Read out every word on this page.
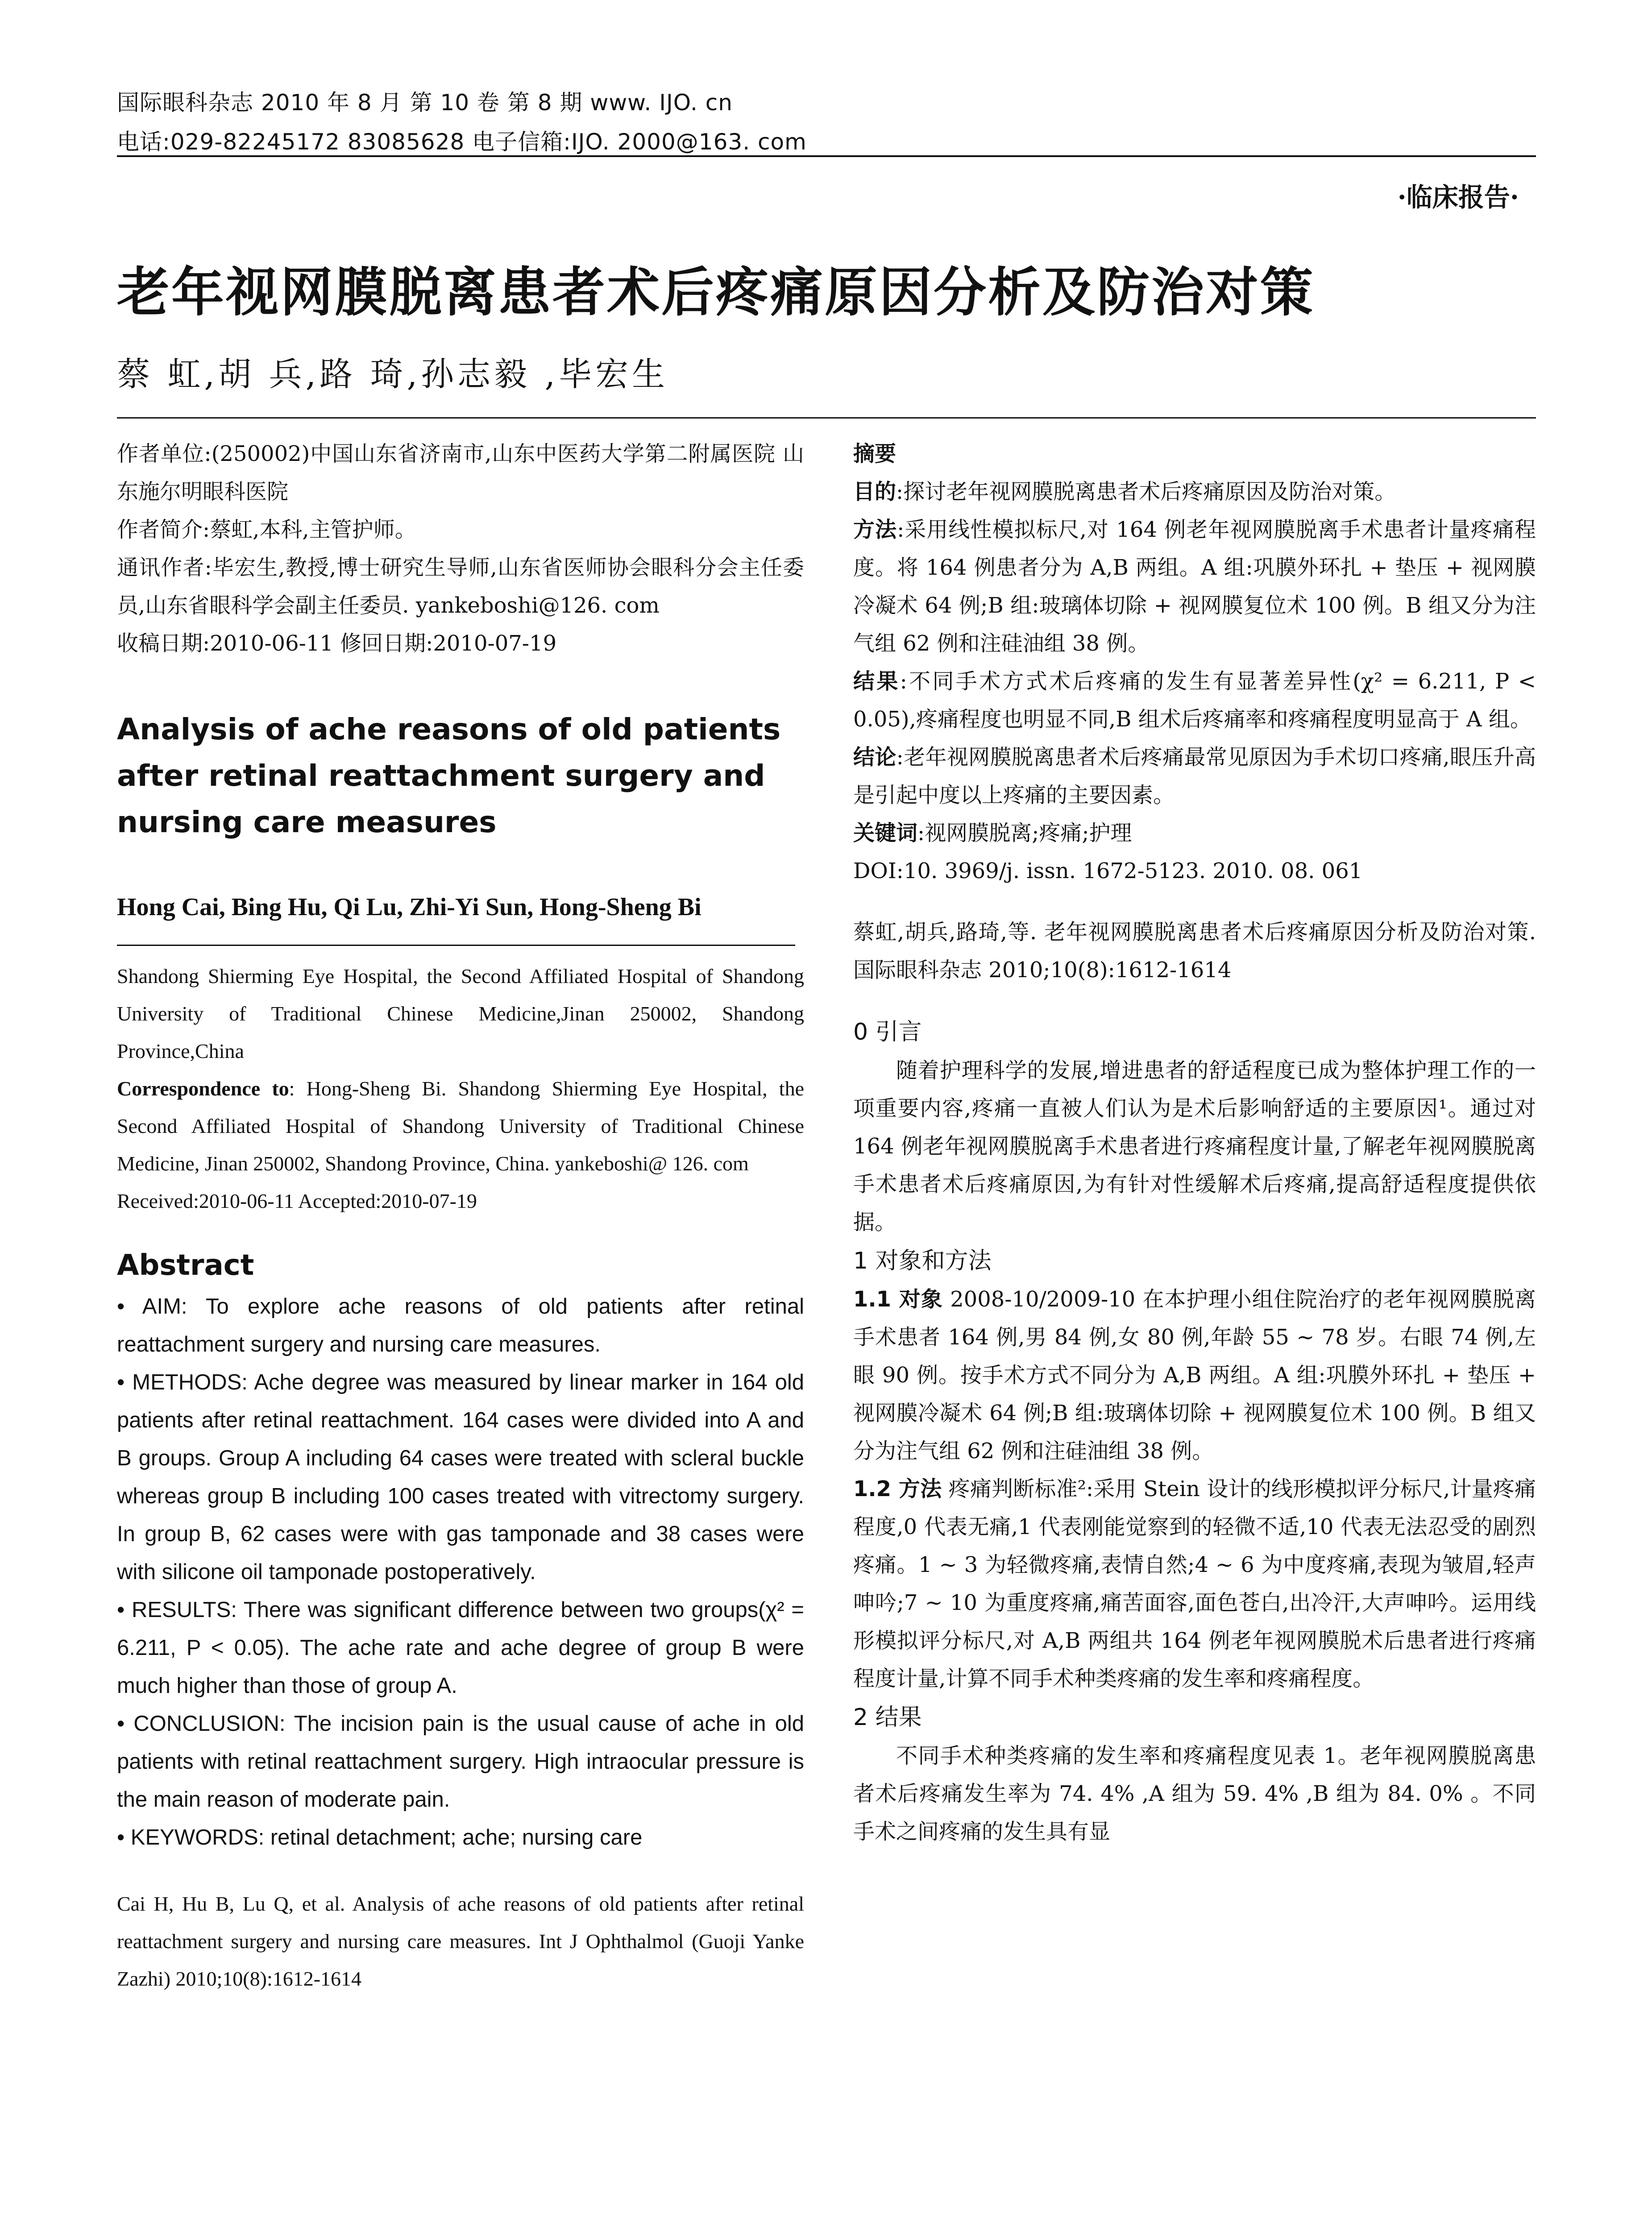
国际眼科杂志 2010 年 8 月 第 10 卷 第 8 期 www. IJO. cn
电话:029-82245172 83085628 电子信箱:IJO. 2000@163. com
·临床报告·
老年视网膜脱离患者术后疼痛原因分析及防治对策
蔡 虹,胡 兵,路 琦,孙志毅 ,毕宏生

作者单位:(250002)中国山东省济南市,山东中医药大学第二附属医院 山东施尔明眼科医院

作者简介:蔡虹,本科,主管护师。

通讯作者:毕宏生,教授,博士研究生导师,山东省医师协会眼科分会主任委员,山东省眼科学会副主任委员. yankeboshi@126. com

收稿日期:2010-06-11 修回日期:2010-07-19

Analysis of ache reasons of old patients after retinal reattachment surgery and nursing care measures

Hong Cai, Bing Hu, Qi Lu, Zhi-Yi Sun, Hong-Sheng Bi

Shandong Shierming Eye Hospital, the Second Affiliated Hospital of Shandong University of Traditional Chinese Medicine,Jinan 250002, Shandong Province,China

Correspondence to: Hong-Sheng Bi. Shandong Shierming Eye Hospital, the Second Affiliated Hospital of Shandong University of Traditional Chinese Medicine, Jinan 250002, Shandong Province, China. yankeboshi@ 126. com

Received:2010-06-11 Accepted:2010-07-19

Abstract

• AIM: To explore ache reasons of old patients after retinal reattachment surgery and nursing care measures.

• METHODS: Ache degree was measured by linear marker in 164 old patients after retinal reattachment. 164 cases were divided into A and B groups. Group A including 64 cases were treated with scleral buckle whereas group B including 100 cases treated with vitrectomy surgery. In group B, 62 cases were with gas tamponade and 38 cases were with silicone oil tamponade postoperatively.

• RESULTS: There was significant difference between two groups(χ² = 6.211, P < 0.05). The ache rate and ache degree of group B were much higher than those of group A.

• CONCLUSION: The incision pain is the usual cause of ache in old patients with retinal reattachment surgery. High intraocular pressure is the main reason of moderate pain.

• KEYWORDS: retinal detachment; ache; nursing care

Cai H, Hu B, Lu Q, et al. Analysis of ache reasons of old patients after retinal reattachment surgery and nursing care measures. Int J Ophthalmol (Guoji Yanke Zazhi) 2010;10(8):1612-1614

摘要

目的:探讨老年视网膜脱离患者术后疼痛原因及防治对策。

方法:采用线性模拟标尺,对 164 例老年视网膜脱离手术患者计量疼痛程度。将 164 例患者分为 A,B 两组。A 组:巩膜外环扎 + 垫压 + 视网膜冷凝术 64 例;B 组:玻璃体切除 + 视网膜复位术 100 例。B 组又分为注气组 62 例和注硅油组 38 例。

结果:不同手术方式术后疼痛的发生有显著差异性(χ² = 6.211, P < 0.05),疼痛程度也明显不同,B 组术后疼痛率和疼痛程度明显高于 A 组。

结论:老年视网膜脱离患者术后疼痛最常见原因为手术切口疼痛,眼压升高是引起中度以上疼痛的主要因素。

关键词:视网膜脱离;疼痛;护理

DOI:10. 3969/j. issn. 1672-5123. 2010. 08. 061

蔡虹,胡兵,路琦,等. 老年视网膜脱离患者术后疼痛原因分析及防治对策. 国际眼科杂志 2010;10(8):1612-1614

0 引言

随着护理科学的发展,增进患者的舒适程度已成为整体护理工作的一项重要内容,疼痛一直被人们认为是术后影响舒适的主要原因¹。通过对 164 例老年视网膜脱离手术患者进行疼痛程度计量,了解老年视网膜脱离手术患者术后疼痛原因,为有针对性缓解术后疼痛,提高舒适程度提供依据。

1 对象和方法

1.1 对象 2008-10/2009-10 在本护理小组住院治疗的老年视网膜脱离手术患者 164 例,男 84 例,女 80 例,年龄 55 ~ 78 岁。右眼 74 例,左眼 90 例。按手术方式不同分为 A,B 两组。A 组:巩膜外环扎 + 垫压 + 视网膜冷凝术 64 例;B 组:玻璃体切除 + 视网膜复位术 100 例。B 组又分为注气组 62 例和注硅油组 38 例。

1.2 方法 疼痛判断标准²:采用 Stein 设计的线形模拟评分标尺,计量疼痛程度,0 代表无痛,1 代表刚能觉察到的轻微不适,10 代表无法忍受的剧烈疼痛。1 ~ 3 为轻微疼痛,表情自然;4 ~ 6 为中度疼痛,表现为皱眉,轻声呻吟;7 ~ 10 为重度疼痛,痛苦面容,面色苍白,出冷汗,大声呻吟。运用线形模拟评分标尺,对 A,B 两组共 164 例老年视网膜脱术后患者进行疼痛程度计量,计算不同手术种类疼痛的发生率和疼痛程度。

2 结果

不同手术种类疼痛的发生率和疼痛程度见表 1。老年视网膜脱离患者术后疼痛发生率为 74. 4% ,A 组为 59. 4% ,B 组为 84. 0% 。不同手术之间疼痛的发生具有显
